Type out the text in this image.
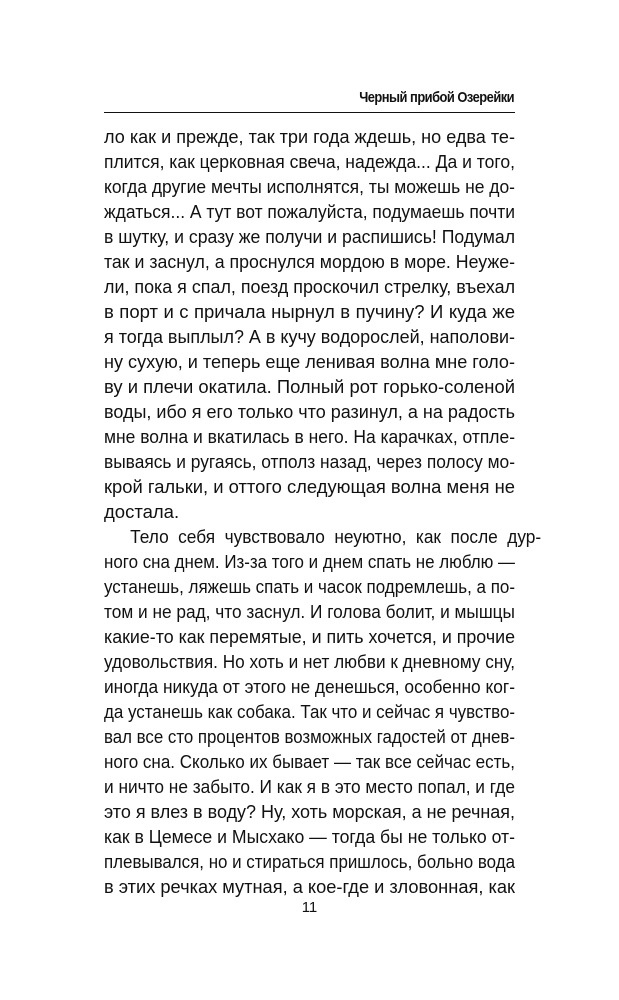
Черный прибой Озерейки
ло как и прежде, так три года ждешь, но едва те-
плится, как церковная свеча, надежда... Да и того,
когда другие мечты исполнятся, ты можешь не до-
ждаться... А тут вот пожалуйста, подумаешь почти
в шутку, и сразу же получи и распишись! Подумал
так и заснул, а проснулся мордою в море. Неуже-
ли, пока я спал, поезд проскочил стрелку, въехал
в порт и с причала нырнул в пучину? И куда же
я тогда выплыл? А в кучу водорослей, наполови-
ну сухую, и теперь еще ленивая волна мне голо-
ву и плечи окатила. Полный рот горько-соленой
воды, ибо я его только что разинул, а на радость
мне волна и вкатилась в него. На карачках, отпле-
вываясь и ругаясь, отполз назад, через полосу мо-
крой гальки, и оттого следующая волна меня не
достала.
Тело себя чувствовало неуютно, как после дур-
ного сна днем. Из-за того и днем спать не люблю —
устанешь, ляжешь спать и часок подремлешь, а по-
том и не рад, что заснул. И голова болит, и мышцы
какие-то как перемятые, и пить хочется, и прочие
удовольствия. Но хоть и нет любви к дневному сну,
иногда никуда от этого не денешься, особенно ког-
да устанешь как собака. Так что и сейчас я чувство-
вал все сто процентов возможных гадостей от днев-
ного сна. Сколько их бывает — так все сейчас есть,
и ничто не забыто. И как я в это место попал, и где
это я влез в воду? Ну, хоть морская, а не речная,
как в Цемесе и Мысхако — тогда бы не только от-
плевывался, но и стираться пришлось, больно вода
в этих речках мутная, а кое-где и зловонная, как
11
